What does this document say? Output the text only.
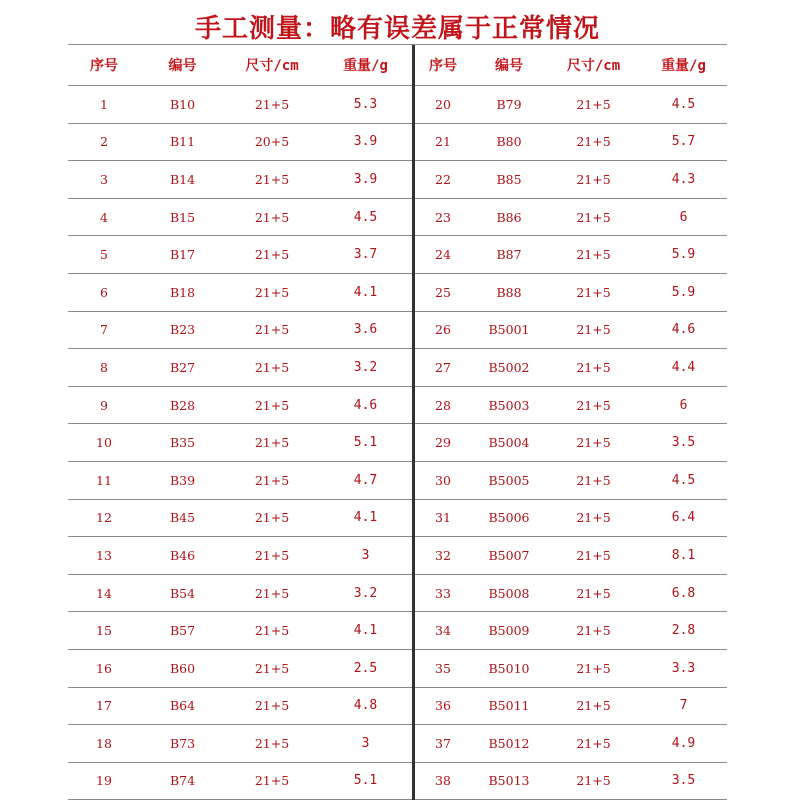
手工测量：略有误差属于正常情况
序号	编号	尺寸/cm	重量/g
1	B10	21+5	5.3
2	B11	20+5	3.9
3	B14	21+5	3.9
4	B15	21+5	4.5
5	B17	21+5	3.7
6	B18	21+5	4.1
7	B23	21+5	3.6
8	B27	21+5	3.2
9	B28	21+5	4.6
10	B35	21+5	5.1
11	B39	21+5	4.7
12	B45	21+5	4.1
13	B46	21+5	3
14	B54	21+5	3.2
15	B57	21+5	4.1
16	B60	21+5	2.5
17	B64	21+5	4.8
18	B73	21+5	3
19	B74	21+5	5.1
序号	编号	尺寸/cm	重量/g
20	B79	21+5	4.5
21	B80	21+5	5.7
22	B85	21+5	4.3
23	B86	21+5	6
24	B87	21+5	5.9
25	B88	21+5	5.9
26	B5001	21+5	4.6
27	B5002	21+5	4.4
28	B5003	21+5	6
29	B5004	21+5	3.5
30	B5005	21+5	4.5
31	B5006	21+5	6.4
32	B5007	21+5	8.1
33	B5008	21+5	6.8
34	B5009	21+5	2.8
35	B5010	21+5	3.3
36	B5011	21+5	7
37	B5012	21+5	4.9
38	B5013	21+5	3.5
